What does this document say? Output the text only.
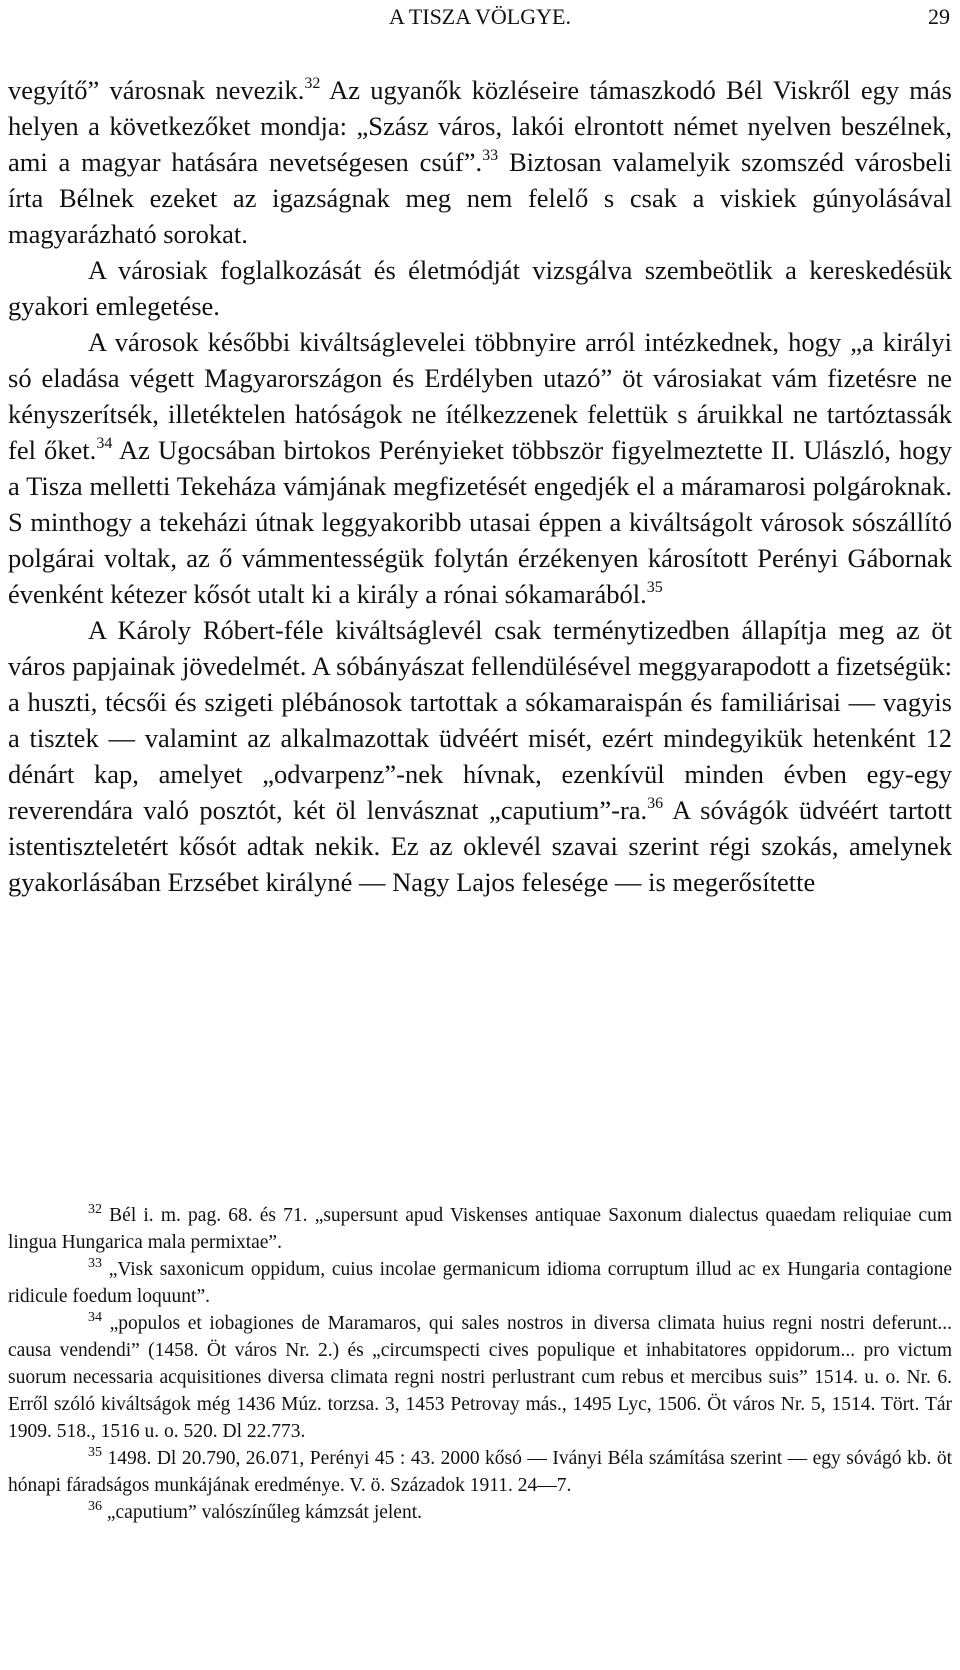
A TISZA VÖLGYE.	29

vegyítő” városnak nevezik.$^{32}$ Az ugyanők közléseire támaszkodó Bél Viskről egy más helyen a következőket mondja: „Szász város, lakói elrontott német nyelven beszélnek, ami a magyar hatására nevetségesen csúf”.$^{33}$ Biztosan valamelyik szomszéd városbeli írta Bélnek ezeket az igazságnak meg nem felelő s csak a viskiek gúnyolásával magyarázható sorokat.

A városiak foglalkozását és életmódját vizsgálva szembeötlik a kereskedésük gyakori emlegetése.

A városok későbbi kiváltságlevelei többnyire arról intézkednek, hogy „a királyi só eladása végett Magyarországon és Erdélyben utazó” öt városiakat vám fizetésre ne kényszerítsék, illetéktelen hatóságok ne ítélkezzenek felettük s áruikkal ne tartóztassák fel őket.$^{34}$ Az Ugocsában birtokos Perényieket többször figyelmeztette II. Ulászló, hogy a Tisza melletti Tekeháza vámjának megfizetését engedjék el a máramarosi polgároknak. S minthogy a tekeházi útnak leggyakoribb utasai éppen a kiváltságolt városok sószállító polgárai voltak, az ő vámmentességük folytán érzékenyen károsított Perényi Gábornak évenként kétezer kősót utalt ki a király a rónai sókamarából.$^{35}$

A Károly Róbert-féle kiváltságlevél csak terménytizedben állapítja meg az öt város papjainak jövedelmét. A sóbányászat fellendülésével meggyarapodott a fizetségük: a huszti, técsői és szigeti plébánosok tartottak a sókamaraispán és familiárisai — vagyis a tisztek — valamint az alkalmazottak üdvéért misét, ezért mindegyikük hetenként 12 dénárt kap, amelyet „odvarpenz”-nek hívnak, ezenkívül minden évben egy-egy reverendára való posztót, két öl lenvásznat „caputium”-ra.$^{36}$ A sóvágók üdvéért tartott istentiszteletért kősót adtak nekik. Ez az oklevél szavai szerint régi szokás, amelynek gyakorlásában Erzsébet királyné — Nagy Lajos felesége — is megerősítette

$^{32}$ Bél i. m. pag. 68. és 71. „supersunt apud Viskenses antiquae Saxonum dialectus quaedam reliquiae cum lingua Hungarica mala permixtae”.

$^{33}$ „Visk saxonicum oppidum, cuius incolae germanicum idioma corruptum illud ac ex Hungaria contagione ridicule foedum loquunt”.

$^{34}$ „populos et iobagiones de Maramaros, qui sales nostros in diversa climata huius regni nostri deferunt... causa vendendi” (1458. Öt város Nr. 2.) és „circumspecti cives populique et inhabitatores oppidorum... pro victum suorum necessaria acquisitiones diversa climata regni nostri perlustrant cum rebus et mercibus suis” 1514. u. o. Nr. 6. Erről szóló kiváltságok még 1436 Múz. torzsa. 3, 1453 Petrovay más., 1495 Lyc, 1506. Öt város Nr. 5, 1514. Tört. Tár 1909. 518., 1516 u. o. 520. Dl 22.773.

$^{35}$ 1498. Dl 20.790, 26.071, Perényi 45 : 43. 2000 kősó — Iványi Béla számítása szerint — egy sóvágó kb. öt hónapi fáradságos munkájának eredménye. V. ö. Századok 1911. 24—7.

$^{36}$ „caputium” valószínűleg kámzsát jelent.
